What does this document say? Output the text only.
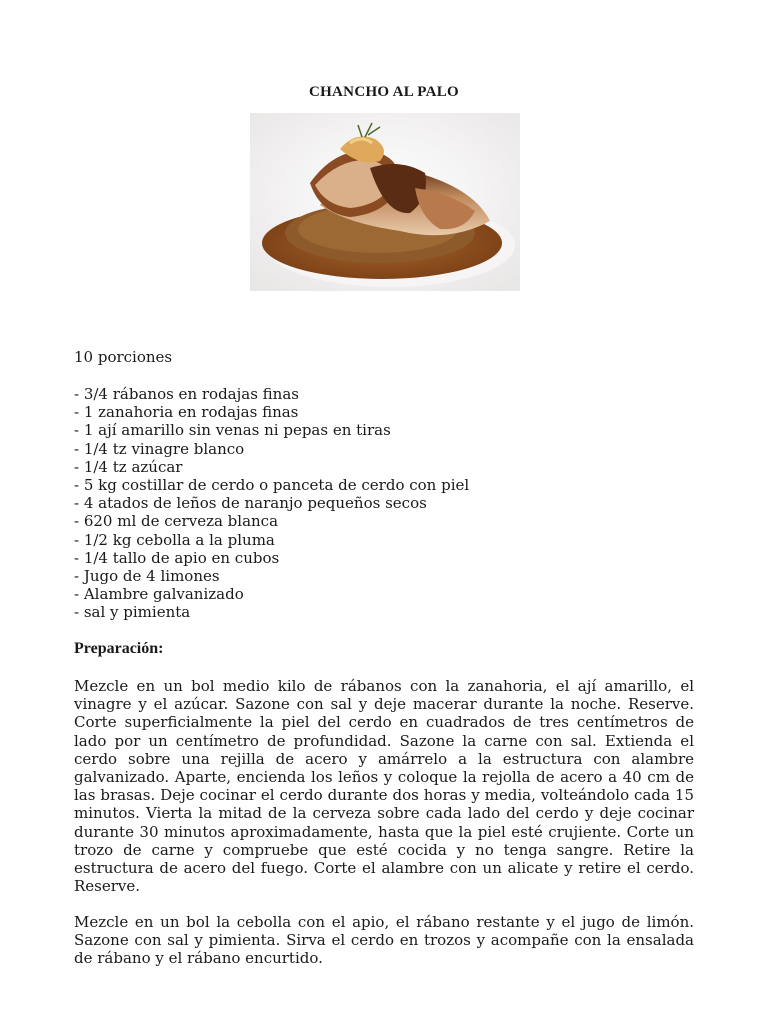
CHANCHO AL PALO
10 porciones
- 3/4 rábanos en rodajas finas
- 1 zanahoria en rodajas finas
- 1 ají amarillo sin venas ni pepas en tiras
- 1/4 tz vinagre blanco
- 1/4 tz azúcar
- 5 kg costillar de cerdo o panceta de cerdo con piel
- 4 atados de leños de naranjo pequeños secos
- 620 ml de cerveza blanca
- 1/2 kg cebolla a la pluma
- 1/4 tallo de apio en cubos
- Jugo de 4 limones
- Alambre galvanizado
- sal y pimienta
Preparación:

Mezcle en un bol medio kilo de rábanos con la zanahoria, el ají amarillo, el vinagre y el azúcar. Sazone con sal y deje macerar durante la noche. Reserve. Corte superficialmente la piel del cerdo en cuadrados de tres centímetros de lado por un centímetro de profundidad. Sazone la carne con sal. Extienda el cerdo sobre una rejilla de acero y amárrelo a la estructura con alambre galvanizado. Aparte, encienda los leños y coloque la rejolla de acero a 40 cm de las brasas. Deje cocinar el cerdo durante dos horas y media, volteándolo cada 15 minutos. Vierta la mitad de la cerveza sobre cada lado del cerdo y deje cocinar durante 30 minutos aproximadamente, hasta que la piel esté crujiente. Corte un trozo de carne y compruebe que esté cocida y no tenga sangre. Retire la estructura de acero del fuego. Corte el alambre con un alicate y retire el cerdo. Reserve.

Mezcle en un bol la cebolla con el apio, el rábano restante y el jugo de limón. Sazone con sal y pimienta. Sirva el cerdo en trozos y acompañe con la ensalada de rábano y el rábano encurtido.
